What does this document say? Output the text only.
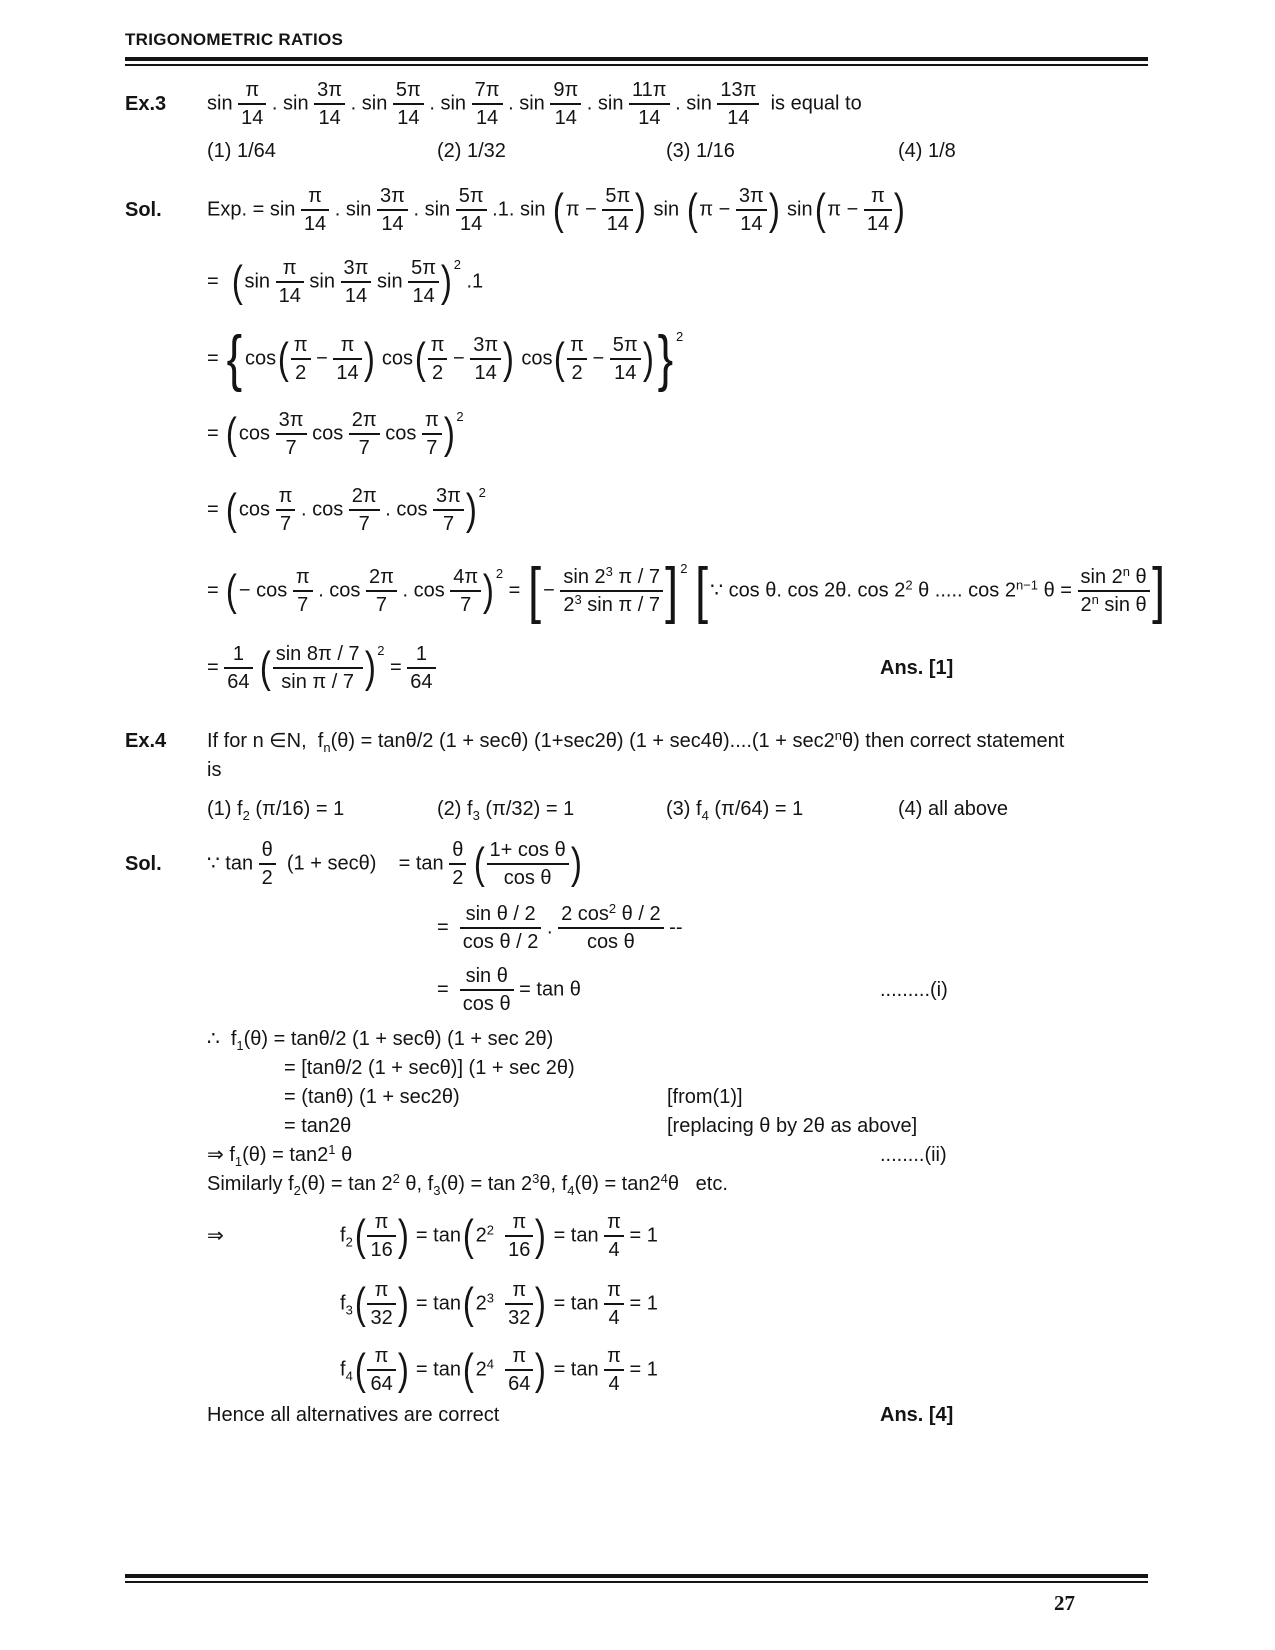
TRIGONOMETRIC RATIOS
Ex.3	$\sin \frac{\pi}{14}$ . $\sin \frac{3\pi}{14}$ . $\sin \frac{5\pi}{14}$ . $\sin \frac{7\pi}{14}$ . $\sin \frac{9\pi}{14}$ . $\sin \frac{11\pi}{14}$ . $\sin \frac{13\pi}{14}$ is equal to
(1) 1/64	(2) 1/32	(3) 1/16	(4) 1/8
Sol.	Exp. = $\sin \frac{\pi}{14}$ . $\sin \frac{3\pi}{14}$ . $\sin \frac{5\pi}{14} .1$. sin ( $\pi - \frac{5\pi}{14}$ ) sin ( $\pi - \frac{3\pi}{14}$ ) sin ( $\pi - \frac{\pi}{14}$ )
= ( $\sin \frac{\pi}{14}$ $\sin \frac{3\pi}{14}$ $\sin \frac{5\pi}{14}$ ) 2
.1
= { cos ( $\frac{\pi}{2} - \frac{\pi}{14}$ ) cos ( $\frac{\pi}{2} - \frac{3\pi}{14}$ ) cos ( $\frac{\pi}{2} - \frac{5\pi}{14}$ ) } 2
= ( $\cos \frac{3\pi}{7}$ $\cos \frac{2\pi}{7}$ $\cos \frac{\pi}{7}$ ) 2
= ( $\cos \frac{\pi}{7}$ . $\cos \frac{2\pi}{7}$ . $\cos \frac{3\pi}{7}$ ) 2
= ( − $\cos \frac{\pi}{7}$ . $\cos \frac{2\pi}{7}$ . $\cos \frac{4\pi}{7}$ ) 2
= [ − $\frac{\sin 2^3 \pi / 7}{2^3 \sin \pi / 7}$ ] 2
[ ∵ cos θ. cos 2θ. $\cos 2^2$ θ ..... $\cos 2^{n-1}$ $\theta = \frac{\sin 2^n \theta}{2^n \sin \theta}$ ]
= $\frac{1}{64}$
( $\frac{\sin 8\pi / 7}{\text{sin π / 7}}$ ) 2
= $\frac{1}{64}$	Ans. [1]
Ex.4	If for n ∈N,  $f_n(\theta) = \tan\theta/2$ (1 + secθ) (1+sec2θ) $(1 + \sec 4\theta)....(1 + \sec 2^n\theta)$ then correct statement
is
(1) $f_2$ (π/16) = 1	(2) $f_3$ (π/32) = 1	(3) $f_4$ (π/64) = 1	(4) all above
Sol.	∵ $\tan \frac{\theta}{2} (1 + \sec\theta)$    = $\tan \frac{\theta}{2}$
( $\frac{\text{1+ cos θ}}{\text{cos θ}}$ )
= $\frac{\text{sin θ / 2}}{\text{cos θ / 2}}$ . $\frac{2 \cos^2 \theta / 2}{\text{cos θ}}$ --
= $\frac{\text{sin θ}}{\text{cos θ}} = \tan \theta$	.........(i)
∴  $f_1(\theta) = \tan\theta/2$ (1 + secθ) (1 + sec 2θ)
= [tanθ/2 (1 + secθ)] (1 + sec 2θ)
= (tanθ) (1 + sec2θ)	[from(1)]
= tan2θ	[replacing θ by 2θ as above]
⇒ $f_1(\theta) = \tan 2^1$ θ	........(ii)
Similarly $f_2(\theta) = \tan 2^2$ θ, $f_3(\theta) = \tan 2^3\theta$, $f_4(\theta) = \tan 2^4\theta$   etc.
⇒	$f_2$ ( $\frac{\pi}{16}$ ) = tan ( $2^2 \frac{\pi}{16}$ ) = $\tan \frac{\pi}{4} = 1$
$f_3$ ( $\frac{\pi}{32}$ ) = tan ( $2^3 \frac{\pi}{32}$ ) = $\tan \frac{\pi}{4} = 1$
$f_4$ ( $\frac{\pi}{64}$ ) = tan ( $2^4 \frac{\pi}{64}$ ) = $\tan \frac{\pi}{4} = 1$
Hence all alternatives are correct	Ans. [4]
27
